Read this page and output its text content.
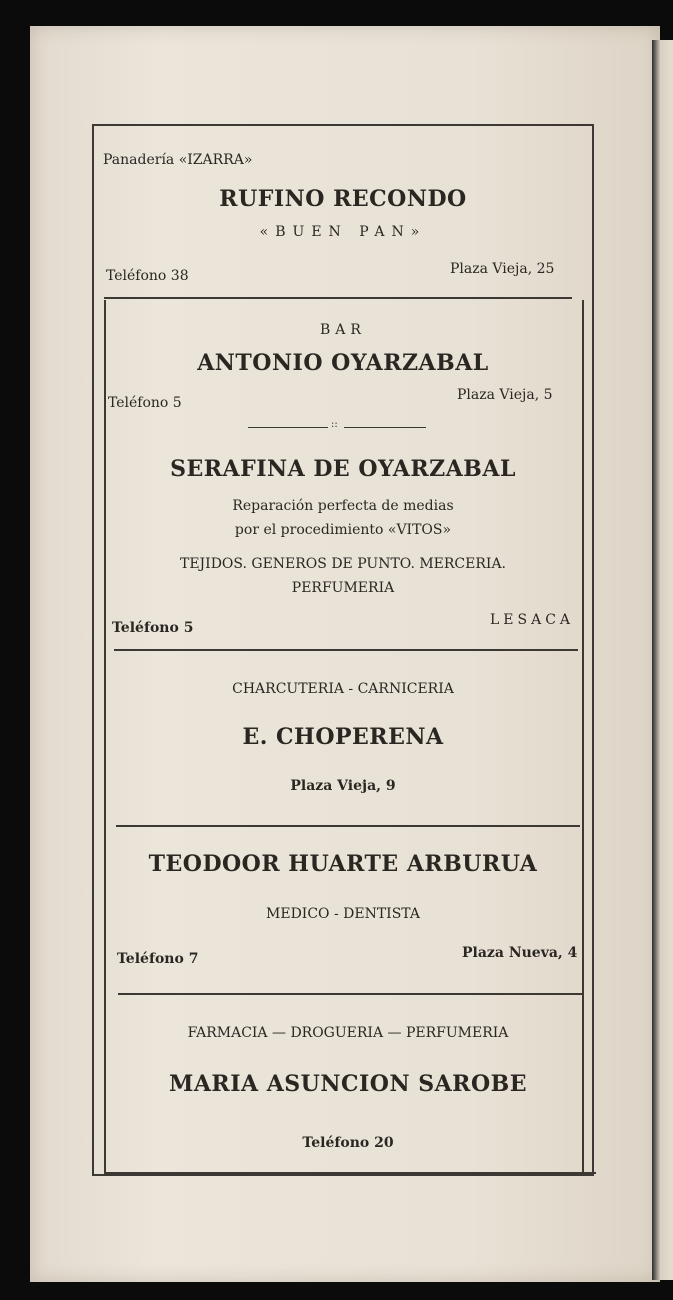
Panadería «IZARRA»
RUFINO RECONDO
«BUEN PAN»
Teléfono 38	Plaza Vieja, 25
BAR
ANTONIO OYARZABAL
Teléfono 5	Plaza Vieja, 5
::
SERAFINA DE OYARZABAL
Reparación perfecta de medias
por el procedimiento «VITOS»
TEJIDOS. GENEROS DE PUNTO. MERCERIA.
PERFUMERIA
Teléfono 5	LESACA
CHARCUTERIA - CARNICERIA
E. CHOPERENA
Plaza Vieja, 9
TEODOOR HUARTE ARBURUA
MEDICO - DENTISTA
Teléfono 7	Plaza Nueva, 4
FARMACIA — DROGUERIA — PERFUMERIA
MARIA ASUNCION SAROBE
Teléfono 20
